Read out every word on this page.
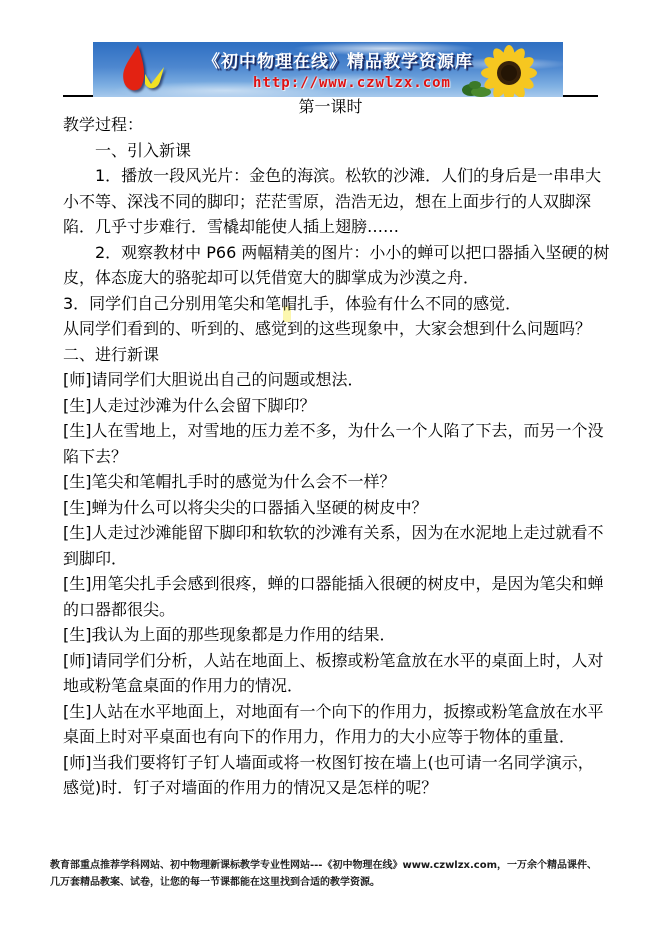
《初中物理在线》精品教学资源库
http://www.czwlzx.com
第一课时
教学过程：
一、引入新课
1．播放一段风光片：金色的海滨。松软的沙滩．人们的身后是一串串大
小不等、深浅不同的脚印；茫茫雪原，浩浩无边，想在上面步行的人双脚深
陷．几乎寸步难行．雪橇却能使人插上翅膀……
2．观察教材中 P66 两幅精美的图片：小小的蝉可以把口器插入坚硬的树
皮，体态庞大的骆驼却可以凭借宽大的脚掌成为沙漠之舟．
3．同学们自己分别用笔尖和笔帽扎手，体验有什么不同的感觉．
从同学们看到的、听到的、感觉到的这些现象中，大家会想到什么问题吗？
二、进行新课
[师]请同学们大胆说出自己的问题或想法．
[生]人走过沙滩为什么会留下脚印？
[生]人在雪地上，对雪地的压力差不多，为什么一个人陷了下去，而另一个没
陷下去？
[生]笔尖和笔帽扎手时的感觉为什么会不一样？
[生]蝉为什么可以将尖尖的口器插入坚硬的树皮中？
[生]人走过沙滩能留下脚印和软软的沙滩有关系，因为在水泥地上走过就看不
到脚印．
[生]用笔尖扎手会感到很疼，蝉的口器能插入很硬的树皮中，是因为笔尖和蝉
的口器都很尖。
[生]我认为上面的那些现象都是力作用的结果．
[师]请同学们分析，人站在地面上、板擦或粉笔盒放在水平的桌面上时，人对
地或粉笔盒桌面的作用力的情况．
[生]人站在水平地面上，对地面有一个向下的作用力，扳擦或粉笔盒放在水平
桌面上时对平桌面也有向下的作用力，作用力的大小应等于物体的重量．
[师]当我们要将钉子钉人墙面或将一枚图钉按在墙上(也可请一名同学演示，
感觉)时．钉子对墙面的作用力的情况又是怎样的呢？
教育部重点推荐学科网站、初中物理新课标教学专业性网站---《初中物理在线》www.czwlzx.com，一万余个精品课件、
几万套精品教案、试卷，让您的每一节课都能在这里找到合适的教学资源。
